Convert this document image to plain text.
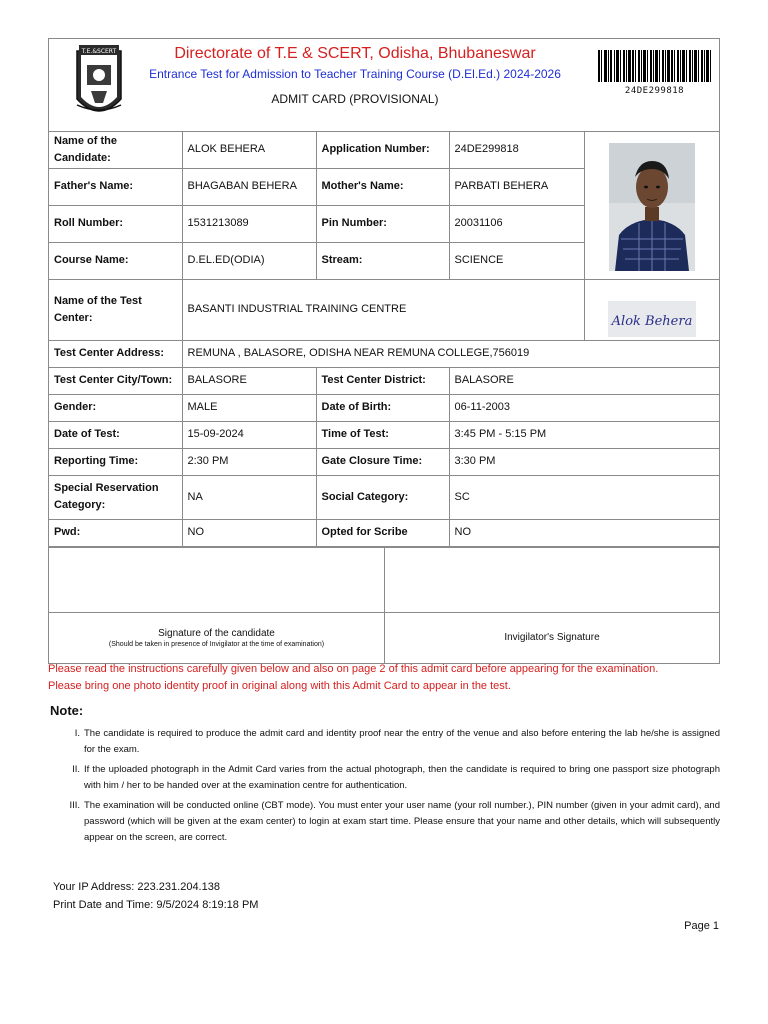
T.E.&SCERT	Directorate of T.E & SCERT, Odisha, Bhubaneswar
Entrance Test for Admission to Teacher Training Course (D.El.Ed.) 2024-2026
ADMIT CARD (PROVISIONAL)
24DE299818
Name of the Candidate:	ALOK BEHERA	Application Number:	24DE299818	

Father's Name:	BHAGABAN BEHERA	Mother's Name:	PARBATI BEHERA	
Roll Number:	1531213089	Pin Number:	20031106	
Course Name:	D.EL.ED(ODIA)	Stream:	SCIENCE	
Name of the Test Center:	BASANTI INDUSTRIAL TRAINING CENTRE			Alok Behera

Test Center Address:	REMUNA , BALASORE, ODISHA NEAR REMUNA COLLEGE,756019			
Test Center City/Town:	BALASORE	Test Center District:	BALASORE	
Gender:	MALE	Date of Birth:	06-11-2003	
Date of Test:	15-09-2024	Time of Test:	3:45 PM - 5:15 PM	
Reporting Time:	2:30 PM	Gate Closure Time:	3:30 PM	
Special Reservation Category:	NA	Social Category:	SC	
Pwd:	NO	Opted for Scribe	NO	
Signature of the candidate
(Should be taken in presence of Invigilator at the time of examination)
Invigilator's Signature
Please read the instructions carefully given below and also on page 2 of this admit card before appearing for the examination.
Please bring one photo identity proof in original along with this Admit Card to appear in the test.
Note:
I. The candidate is required to produce the admit card and identity proof near the entry of the venue and also before entering the lab he/she is assigned for the exam.
II. If the uploaded photograph in the Admit Card varies from the actual photograph, then the candidate is required to bring one passport size photograph with him / her to be handed over at the examination centre for authentication.
III. The examination will be conducted online (CBT mode). You must enter your user name (your roll number.), PIN number (given in your admit card), and password (which will be given at the exam center) to login at exam start time. Please ensure that your name and other details, which will subsequently appear on the screen, are correct.
Your IP Address: 223.231.204.138
Print Date and Time: 9/5/2024 8:19:18 PM
Page 1
